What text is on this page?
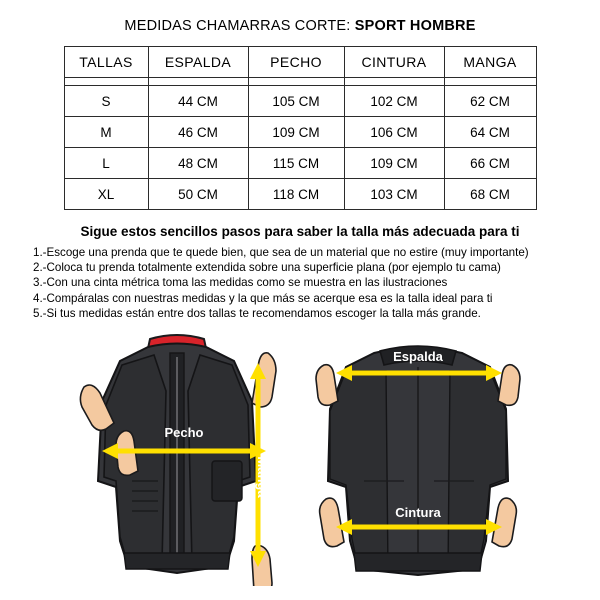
MEDIDAS CHAMARRAS CORTE: SPORT HOMBRE
TALLAS	ESPALDA	PECHO	CINTURA	MANGA

S	44 CM	105 CM	102 CM	62 CM
M	46 CM	109 CM	106 CM	64 CM
L	48 CM	115 CM	109 CM	66 CM
XL	50 CM	118 CM	103 CM	68 CM
Sigue estos sencillos pasos para saber la talla más adecuada para ti
1.-Escoge una prenda que te quede bien, que sea de un material que no estire (muy importante)
2.-Coloca tu prenda totalmente extendida sobre una superficie plana (por ejemplo tu cama)
3.-Con una cinta métrica toma las medidas como se muestra en las ilustraciones
4.-Compáralas con nuestras medidas y la que más se acerque esa es la talla ideal para ti
5.-Si tus medidas están entre dos tallas te recomendamos escoger la talla más grande.
Pecho
Manga
Espalda
Cintura
